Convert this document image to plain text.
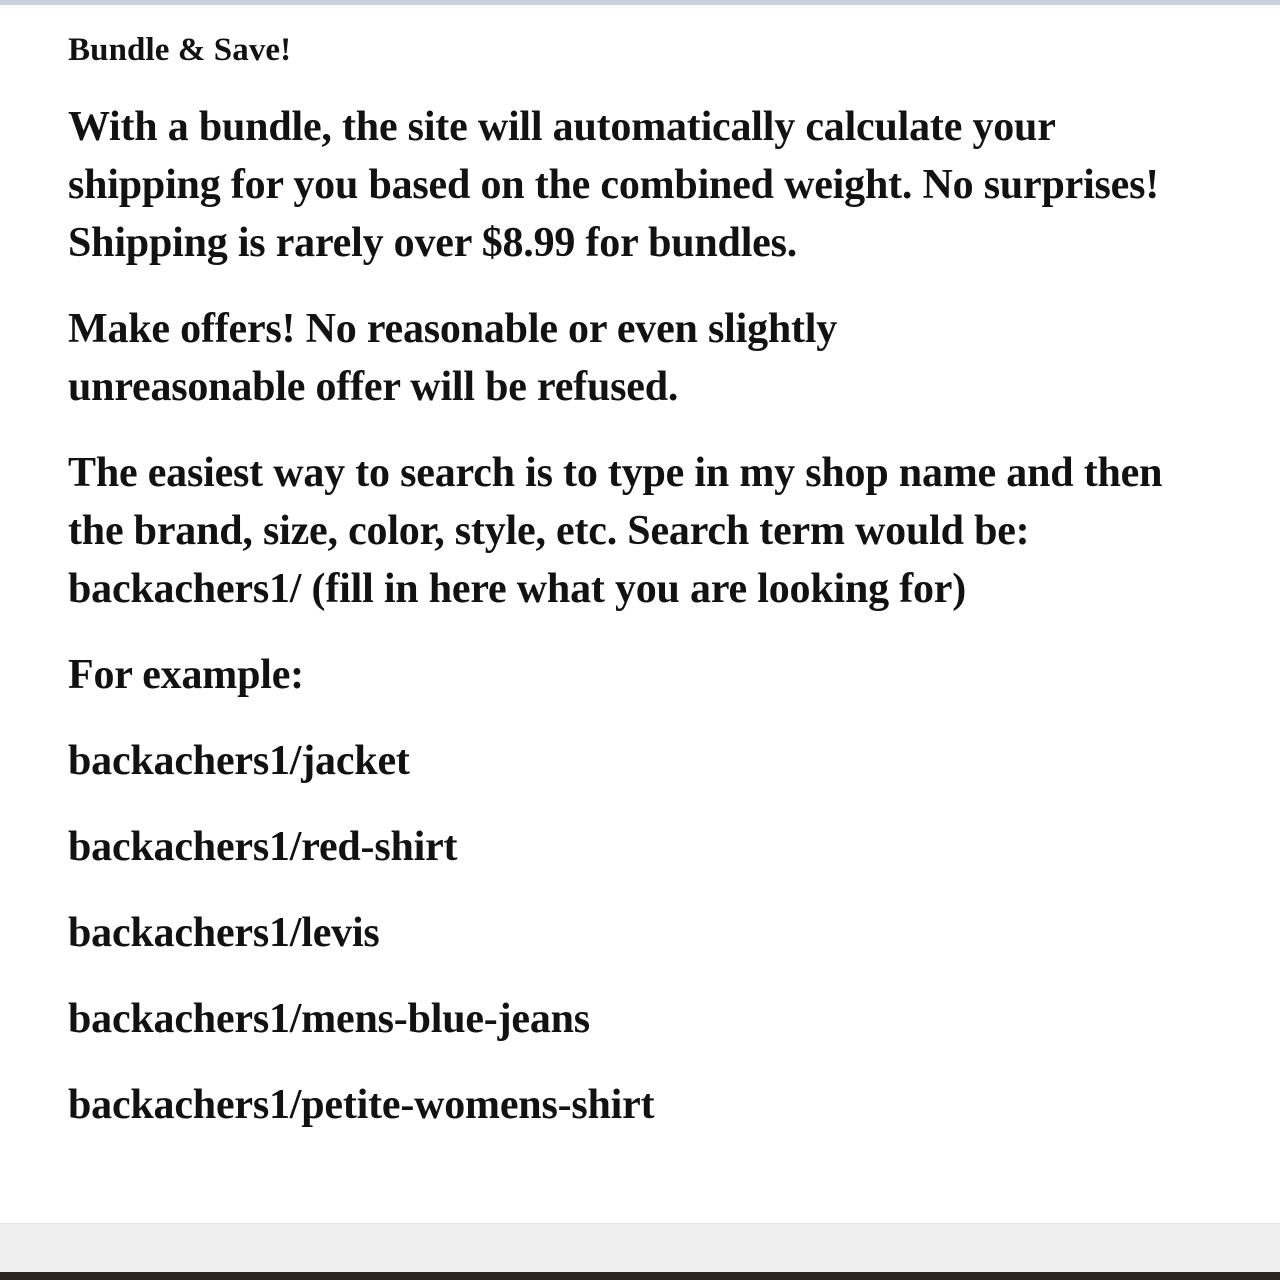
Bundle & Save!

With a bundle, the site will automatically calculate your shipping for you based on the combined weight. No surprises! Shipping is rarely over $8.99 for bundles.

Make offers! No reasonable or even slightly unreasonable offer will be refused.

The easiest way to search is to type in my shop name and then the brand, size, color, style, etc. Search term would be: backachers1/ (fill in here what you are looking for)

For example:

backachers1/jacket

backachers1/red-shirt

backachers1/levis

backachers1/mens-blue-jeans

backachers1/petite-womens-shirt
